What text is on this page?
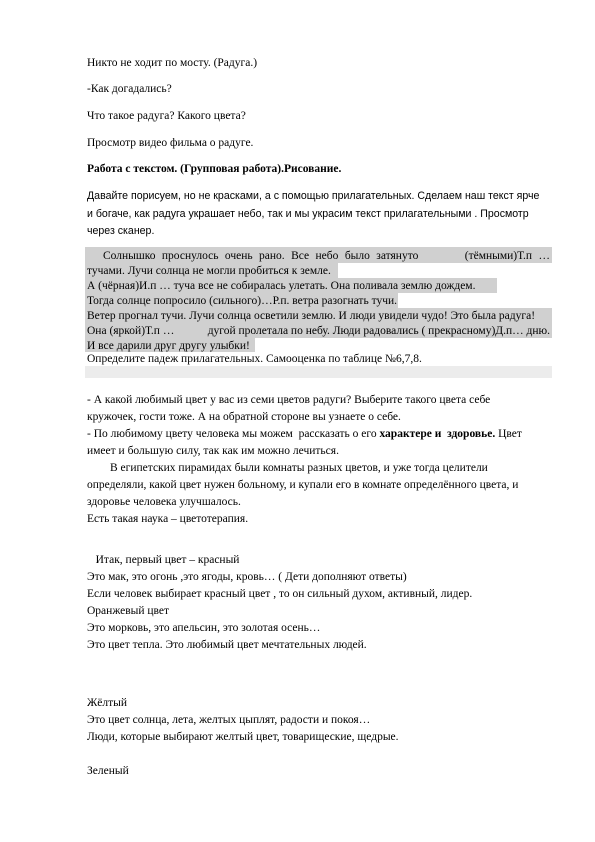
Никто не ходит по мосту. (Радуга.)
-Как догадались?
Что такое радуга? Какого цвета?
Просмотр видео фильма о радуге.
Работа с текстом. (Групповая работа).Рисование.
Давайте порисуем, но не красками, а с помощью прилагательных. Сделаем наш текст ярче
и богаче, как радуга украшает небо, так и мы украсим текст прилагательными . Просмотр
через сканер.
Солнышко проснулось очень рано. Все небо было затянуто	(тёмными)Т.п …
тучами. Лучи солнца не могли пробиться к земле.
А (чёрная)И.п … туча все не собиралась улетать. Она поливала землю дождем.
Тогда солнце попросило (сильного)…Р.п. ветра разогнать тучи.
Ветер прогнал тучи. Лучи солнца осветили землю. И люди увидели чудо! Это была радуга!
Она (яркой)Т.п …	дугой пролетала по небу. Люди радовались ( прекрасному)Д.п… дню.
И все дарили друг другу улыбки!
Определите падеж прилагательных. Самооценка по таблице №6,7,8.
- А какой любимый цвет у вас из семи цветов радуги? Выберите такого цвета себе
кружочек, гости тоже. А на обратной стороне вы узнаете о себе.
- По любимому цвету человека мы можем  рассказать о его характере и  здоровье. Цвет
имеет и большую силу, так как им можно лечиться.
В египетских пирамидах были комнаты разных цветов, и уже тогда целители
определяли, какой цвет нужен больному, и купали его в комнате определённого цвета, и
здоровье человека улучшалось.
Есть такая наука – цветотерапия.
Итак, первый цвет – красный
Это мак, это огонь ,это ягоды, кровь… ( Дети дополняют ответы)
Если человек выбирает красный цвет , то он сильный духом, активный, лидер.
Оранжевый цвет
Это морковь, это апельсин, это золотая осень…
Это цвет тепла. Это любимый цвет мечтательных людей.
Жёлтый
Это цвет солнца, лета, желтых цыплят, радости и покоя…
Люди, которые выбирают желтый цвет, товарищеские, щедрые.
Зеленый
